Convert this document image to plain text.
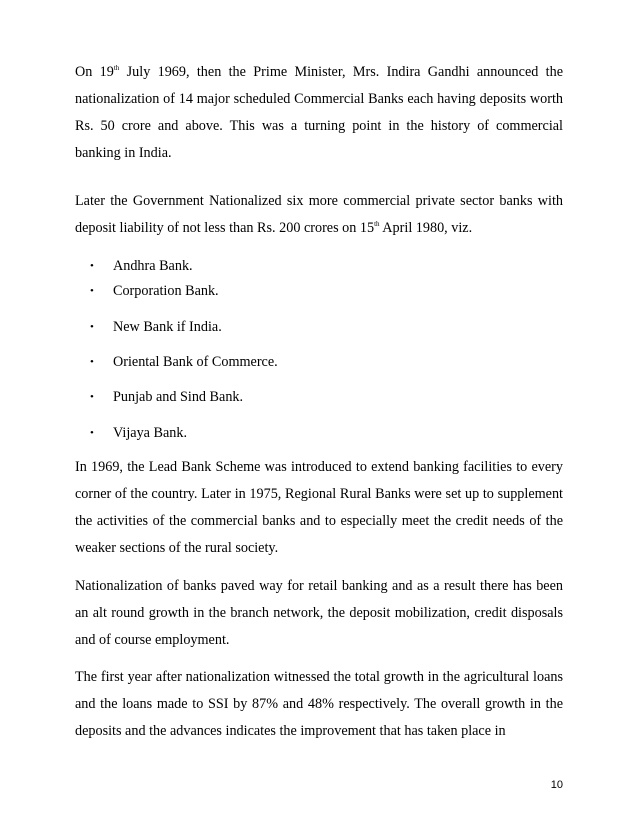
On 19th July 1969, then the Prime Minister, Mrs. Indira Gandhi announced the nationalization of 14 major scheduled Commercial Banks each having deposits worth Rs. 50 crore and above. This was a turning point in the history of commercial banking in India.

Later the Government Nationalized six more commercial private sector banks with deposit liability of not less than Rs. 200 crores on 15th April 1980, viz.

• Andhra Bank.
• Corporation Bank.
• New Bank if India.
• Oriental Bank of Commerce.
• Punjab and Sind Bank.
• Vijaya Bank.

In 1969, the Lead Bank Scheme was introduced to extend banking facilities to every corner of the country. Later in 1975, Regional Rural Banks were set up to supplement the activities of the commercial banks and to especially meet the credit needs of the weaker sections of the rural society.

Nationalization of banks paved way for retail banking and as a result there has been an alt round growth in the branch network, the deposit mobilization, credit disposals and of course employment.

The first year after nationalization witnessed the total growth in the agricultural loans and the loans made to SSI by 87% and 48% respectively. The overall growth in the deposits and the advances indicates the improvement that has taken place in

10
